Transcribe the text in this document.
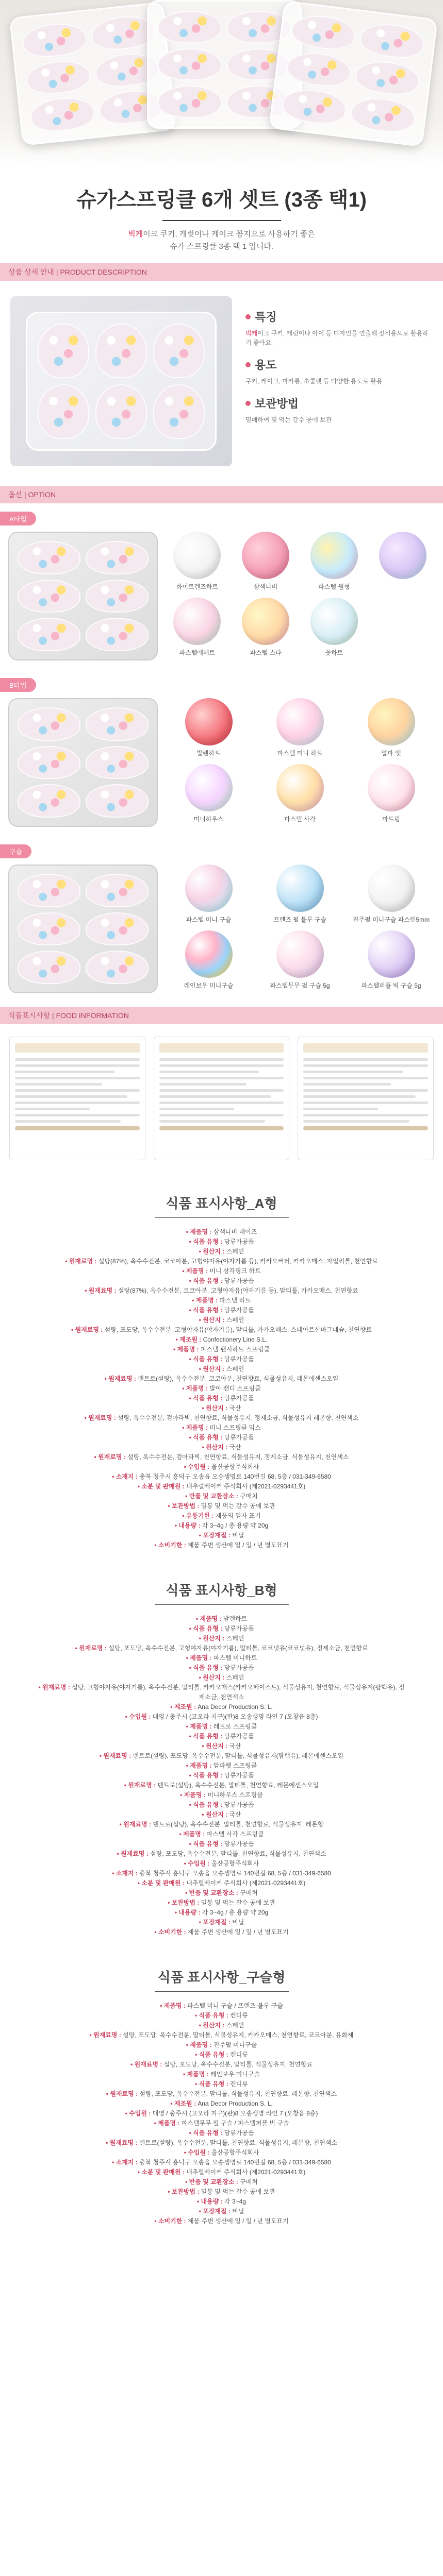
슈가스프링클 6개 셋트 (3종 택1)
빅케이크 쿠키, 캐럿이나 케이크 꼼지으로 사용하기 좋은
슈가 스프링클 3종 택 1 입니다.
상품 상세 안내 | PRODUCT DESCRIPTION
특징
빅케이크 쿠키, 캐럿이나 아이 등 다자인을 연출해 장식용으로 활용하기 좋아요.
용도
쿠키, 케이크, 마카롱, 초콜렛 등 다양한 용도로 활용
보관방법
밀폐하여 및 먹는 갈수 공에 보관
옵션 | OPTION
A타입
화이트렌즈하트	삼색나비	파스텔 원형
파스텔에매트	파스텔 스타	꽃하트
B타입
발렌하트	파스텔 미니 하트	알파 벳
미니하우스	파스텔 사각	마트링
구슬
파스텔 미니 구슬	프렌즈 펄 블루 구슬	진주펄 미니구슬 파스텐5mm
레인보우 미니구슬	파스텔무무 펄 구슬 5g	파스텔퍼플 빅 구슬 5g
식품표시사항 | FOOD INFORMATION
식품 표시사항_A형
• 제품명 : 삼색나비 데이즈
• 식품 유형 : 당류가공품
• 원산지 : 스페인
• 원재료명 : 설탕(87%), 옥수수전분, 코코아분, 고형야자유(야자기름 등), 카카오버터, 카카오매스, 자일리톨, 천연향료
• 제품명 : 미니 삼각핑크 하트
• 식품 유형 : 당류가공품
• 원재료명 : 설탕(87%), 옥수수전분, 코코아분, 고형야자유(야자기름 등), 말티톨, 카카오매스, 천연향료
• 제품명 : 파스텔 하트
• 식품 유형 : 당류가공품
• 원산지 : 스페인
• 원재료명 : 설탕, 포도당, 옥수수전분, 고형야자유(야자기름), 말티톨, 카카오매스, 스테아르산마그네슘, 천연향료
• 제조원 : Confectionery Line S.L.
• 제품명 : 파스텔 팬시하트 스프링클
• 식품 유형 : 당류가공품
• 원산지 : 스페인
• 원재료명 : 덴트로(설탕), 옥수수전분, 코코아분, 천연향료, 식물성유지, 레몬에센스오일
• 제품명 : 발아 캔디 스프링클
• 식품 유형 : 당류가공품
• 원산지 : 국산
• 원재료명 : 설탕, 옥수수전분, 검아라빅, 천연향료, 식물성유지, 정제소금, 식물성유지 레몬향, 천연색소
• 제품명 : 미니 스프링클 믹스
• 식품 유형 : 당류가공품
• 원산지 : 국산
• 원재료명 : 설탕, 옥수수전분, 검아라빅, 천연향료, 식물성유지, 정제소금, 식물성유지, 천연색소
• 수입원 : 울산공항주식회사
• 소재지 : 충북 청주시 흥덕구 오송읍 오송생명로 140번길 68, 5층 / 031-349-6580
• 소분 및 판매원 : 내추럴베이커 주식회사 (제2021-0293441호)
• 반품 및 교환장소 : 구매처
• 보관방법 : 밀봉 및 먹는 갈수 공에 보관
• 유통기한 : 제품의 일자 표기
• 내용량 : 각 3~4g / 총 용량 약 20g
• 포장재질 : 비닐
• 소비기한 : 제품 주변 생산에 일 / 일 / 년 별도표기
식품 표시사항_B형
• 제품명 : 발렌하트
• 식품 유형 : 당류가공품
• 원산지 : 스페인
• 원재료명 : 설탕, 포도당, 옥수수전분, 고형야자유(야자기름), 말티톨, 코코넛유(코코넛유), 정제소금, 천연향료
• 제품명 : 파스텔 미니하트
• 식품 유형 : 당류가공품
• 원산지 : 스페인
• 원재료명 : 설탕, 고형야자유(야자기름), 옥수수전분, 말티톨, 카카오매스(카카오페이스트), 식물성유지, 천연향료, 식물성유지(팜핵유), 정제소금, 천연색소
• 제조원 : Ana Decor Production S. L.
• 수입원 : 대영 / 충주시 (고오라 지구)(판)8 오송생명 라인 7 (오창읍 8층)
• 제품명 : 레트로 스프링클
• 식품 유형 : 당류가공품
• 원산지 : 국산
• 원재료명 : 덴트로(설탕), 포도당, 옥수수전분, 말티톨, 식물성유지(팜핵유), 레몬에센스오일
• 제품명 : 알파벳 스프링클
• 식품 유형 : 당류가공품
• 원재료명 : 덴트로(설탕), 옥수수전분, 말티톨, 천연향료, 레몬에센스오일
• 제품명 : 미니하우스 스프링클
• 식품 유형 : 당류가공품
• 원산지 : 국산
• 원재료명 : 덴트로(설탕), 옥수수전분, 말티톨, 천연향료, 식물성유지, 레몬향
• 제품명 : 파스텔 사각 스프링클
• 식품 유형 : 당류가공품
• 원재료명 : 설탕, 포도당, 옥수수전분, 말티톨, 천연향료, 식물성유지, 천연색소
• 수입원 : 울산공항주식회사
• 소재지 : 충북 청주시 흥덕구 오송읍 오송생명로 140번길 68, 5층 / 031-349-6580
• 소분 및 판매원 : 내추럴베이커 주식회사 (제2021-0293441호)
• 반품 및 교환장소 : 구매처
• 보관방법 : 밀봉 및 먹는 갈수 공에 보관
• 내용량 : 각 3~4g / 총 용량 약 20g
• 포장재질 : 비닐
• 소비기한 : 제품 주변 생산에 일 / 일 / 년 별도표기
식품 표시사항_구슬형
• 제품명 : 파스텔 미니 구슬 / 프렌즈 블루 구슬
• 식품 유형 : 캔디류
• 원산지 : 스페인
• 원재료명 : 설탕, 포도당, 옥수수전분, 말티톨, 식물성유지, 카카오매스, 천연향료, 코코아분, 유화제
• 제품명 : 진주펄 미니구슬
• 식품 유형 : 캔디류
• 원재료명 : 설탕, 포도당, 옥수수전분, 말티톨, 식물성유지, 천연향료
• 제품명 : 레인보우 미니구슬
• 식품 유형 : 캔디류
• 원재료명 : 설탕, 포도당, 옥수수전분, 말티톨, 식물성유지, 천연향료, 레몬향, 천연색소
• 제조원 : Ana Decor Production S. L.
• 수입원 : 대영 / 충주시 (고오라 지구)(판)8 오송생명 라인 7 (오창읍 8층)
• 제품명 : 파스텔무무 펄 구슬 / 파스텔퍼플 빅 구슬
• 식품 유형 : 당류가공품
• 원재료명 : 덴트로(설탕), 옥수수전분, 말티톨, 천연향료, 식물성유지, 레몬향, 천연색소
• 수입원 : 울산공항주식회사
• 소재지 : 충북 청주시 흥덕구 오송읍 오송생명로 140번길 68, 5층 / 031-349-6580
• 소분 및 판매원 : 내추럴베이커 주식회사 (제2021-0293441호)
• 반품 및 교환장소 : 구매처
• 보관방법 : 밀봉 및 먹는 갈수 공에 보관
• 내용량 : 각 3~4g
• 포장재질 : 비닐
• 소비기한 : 제품 주변 생산에 일 / 일 / 년 별도표기
